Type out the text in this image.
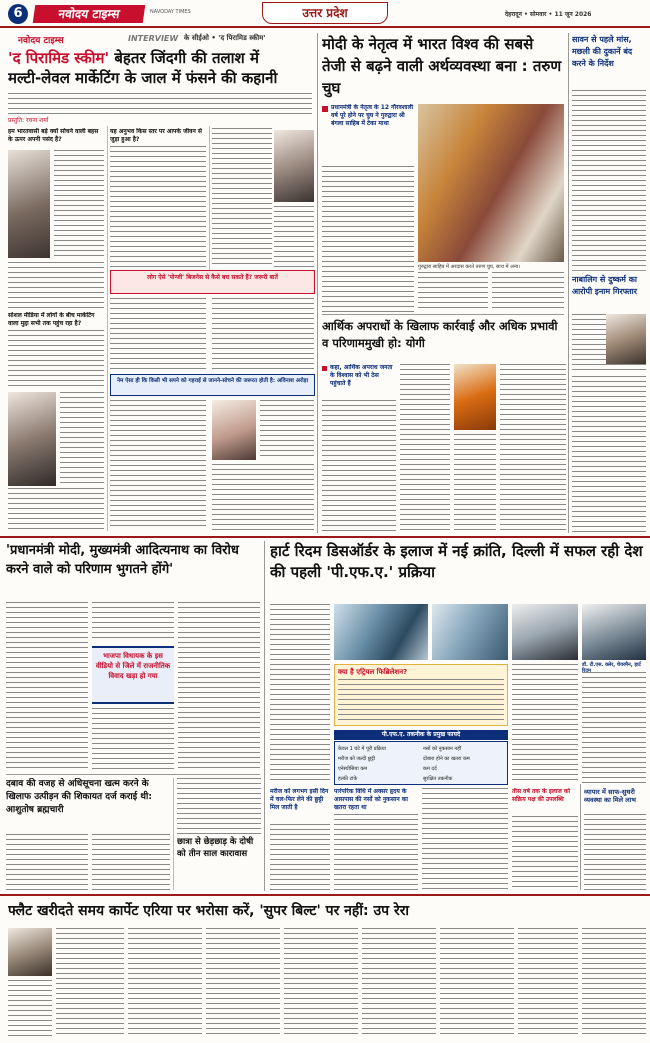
6	नवोदय टाइम्स	NAVODAY TIMES	उत्तर प्रदेश	देहरादून • सोमवार • 11 जून 2026
नवोदय टाइम्स	INTERVIEW के सीईओ • 'द पिरामिड स्कीम'
'द पिरामिड स्कीम' बेहतर जिंदगी की तलाश में
मल्टी-लेवल मार्केटिंग के जाल में फंसने की कहानी
प्रस्तुति: रचना शर्मा
हम भारतवासी बड़े क्यों सोचने वाली बहस के ऊपर अपनी पसंद है?
सोशल मीडिया में लोगों के बीच मार्केटिंग वाला मुद्दा सभी तक पहुंच रहा है?
यह अनुभव किस स्तर पर आपके जीवन से जुड़ा हुआ है?
लोग ऐसे 'पोन्जी' बिजनेस से कैसे बच सकते हैं? जरूरी बातें
नेम ऐसा ही कि किसी भी सपने को गहराई से जानने-सोचने की जरूरत होती है: अविनाश अरोड़ा
मोदी के नेतृत्व में भारत विश्व की सबसे तेजी से बढ़ने वाली अर्थव्यवस्था बना : तरुण चुघ
प्रधानमंत्री के नेतृत्व के 12 गौरवशाली वर्ष पूरे होने पर चुघ ने गुरुद्वारा श्री बंगला साहिब में टेका माथा
गुरुद्वारा साहिब में अरदास करते तरुण चुघ, साथ में अन्य।
आर्थिक अपराधों के खिलाफ कार्रवाई और अधिक प्रभावी व परिणाममुखी हो: योगी
कहा, आर्थिक अपराध जनता के विश्वास को भी ठेस पहुंचाते हैं
सावन से पहले मांस, मछली की दुकानें बंद करने के निर्देश
नाबालिग से दुष्कर्म का आरोपी इनाम गिरफ्तार
'प्रधानमंत्री मोदी, मुख्यमंत्री आदित्यनाथ का विरोध करने वाले को परिणाम भुगतने होंगे'
भाजपा विधायक के इस वीडियो से जिले में राजनीतिक विवाद खड़ा हो गया
दबाव की वजह से अधिसूचना खत्म करने के खिलाफ उत्पीड़न की शिकायत दर्ज कराई थी: आशुतोष ब्रह्मचारी
छात्रा से छेड़छाड़ के दोषी को तीन साल कारावास
हार्ट रिदम डिसऑर्डर के इलाज में नई क्रांति, दिल्ली में सफल रही देश की पहली 'पी.एफ.ए.' प्रक्रिया
डॉ. टी.एस. क्लेर, चेयरमैन, हार्ट रिदम
क्या है एट्रियल फिब्रिलेशन?
पी.एफ.ए. तकनीक के प्रमुख फायदे
केवल 1 घंटे में पूरी प्रक्रिया	नसों को नुकसान नहीं
मरीज को जल्दी छुट्टी	दोबारा होने का खतरा कम
एनेस्थीसिया कम	कम दर्द
हल्की टांके	सुरक्षित तकनीक
मरीज को लगभग इसी दिन में चल-फिर लेने की छुट्टी मिल जाती है
पारंपरिक विधि में अक्सर हृदय के आसपास की नसों को नुकसान का खतरा रहता था
तीस वर्ष तक के इलाज को सक्रिय पक्ष की उपलब्धि
व्यापार में साफ-सुथरी व्यवस्था का मिले लाभ
फ्लैट खरीदते समय कार्पेट एरिया पर भरोसा करें, 'सुपर बिल्ट' पर नहीं: उप रेरा
